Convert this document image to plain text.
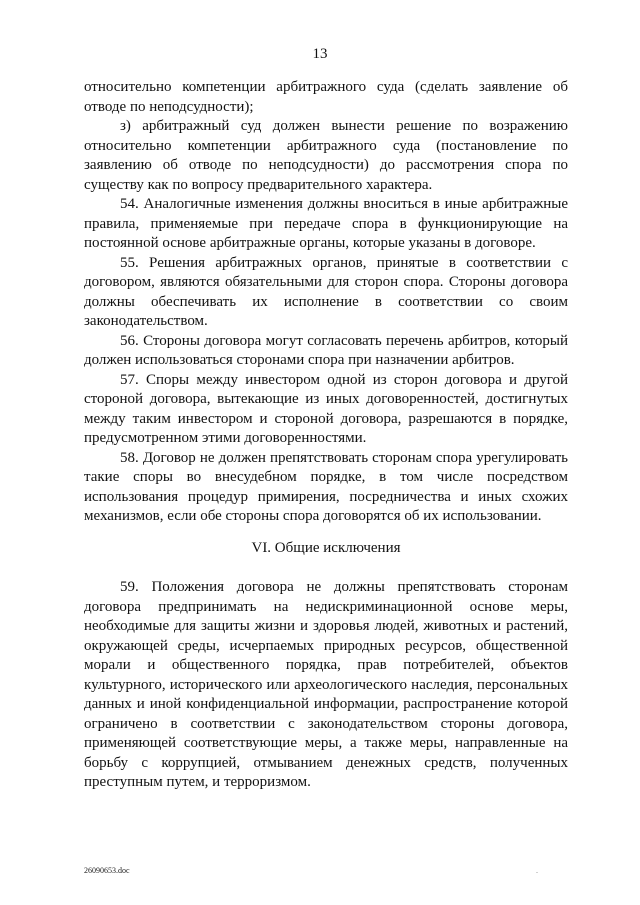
13

относительно компетенции арбитражного суда (сделать заявление об отводе по неподсудности);

з) арбитражный суд должен вынести решение по возражению относительно компетенции арбитражного суда (постановление по заявлению об отводе по неподсудности) до рассмотрения спора по существу как по вопросу предварительного характера.

54. Аналогичные изменения должны вноситься в иные арбитражные правила, применяемые при передаче спора в функционирующие на постоянной основе арбитражные органы, которые указаны в договоре.

55. Решения арбитражных органов, принятые в соответствии с договором, являются обязательными для сторон спора. Стороны договора должны обеспечивать их исполнение в соответствии со своим законодательством.

56. Стороны договора могут согласовать перечень арбитров, который должен использоваться сторонами спора при назначении арбитров.

57. Споры между инвестором одной из сторон договора и другой стороной договора, вытекающие из иных договоренностей, достигнутых между таким инвестором и стороной договора, разрешаются в порядке, предусмотренном этими договоренностями.

58. Договор не должен препятствовать сторонам спора урегулировать такие споры во внесудебном порядке, в том числе посредством использования процедур примирения, посредничества и иных схожих механизмов, если обе стороны спора договорятся об их использовании.

VI. Общие исключения

59. Положения договора не должны препятствовать сторонам договора предпринимать на недискриминационной основе меры, необходимые для защиты жизни и здоровья людей, животных и растений, окружающей среды, исчерпаемых природных ресурсов, общественной морали и общественного порядка, прав потребителей, объектов культурного, исторического или археологического наследия, персональных данных и иной конфиденциальной информации, распространение которой ограничено в соответствии с законодательством стороны договора, применяющей соответствующие меры, а также меры, направленные на борьбу с коррупцией, отмыванием денежных средств, полученных преступным путем, и терроризмом.

26090653.doc	.
